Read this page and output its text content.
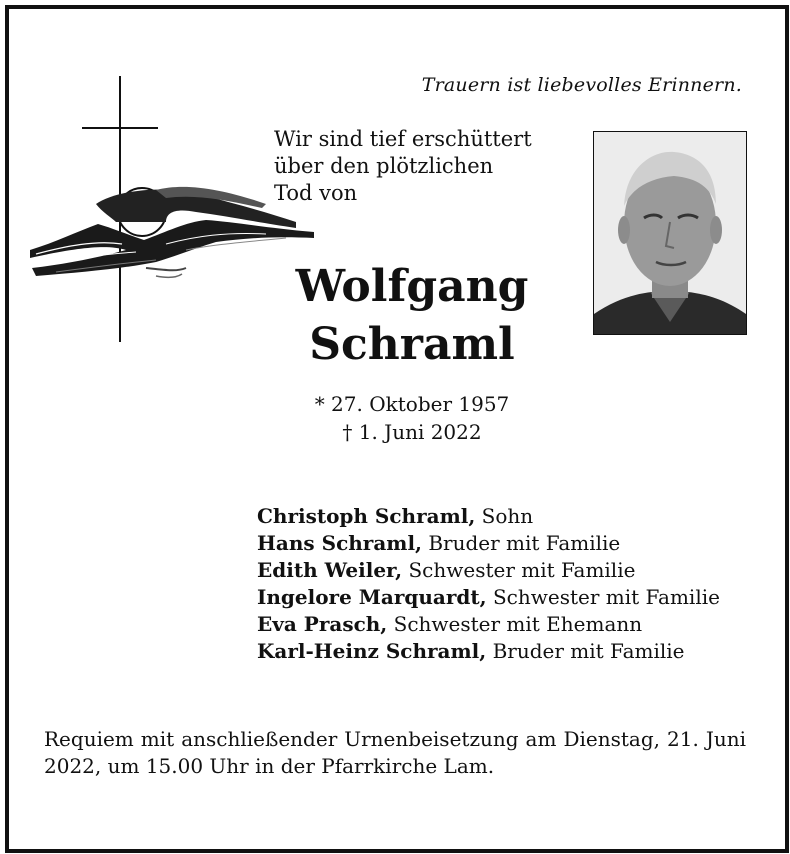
Trauern ist liebevolles Erinnern.
Wir sind tief erschüttert
über den plötzlichen
Tod von
Wolfgang
Schraml
* 27. Oktober 1957
† 1. Juni 2022
Christoph Schraml, Sohn
Hans Schraml, Bruder mit Familie
Edith Weiler, Schwester mit Familie
Ingelore Marquardt, Schwester mit Familie
Eva Prasch, Schwester mit Ehemann
Karl-Heinz Schraml, Bruder mit Familie
Requiem mit anschließender Urnenbeisetzung am Dienstag, 21. Juni 2022, um 15.00 Uhr in der Pfarrkirche Lam.
